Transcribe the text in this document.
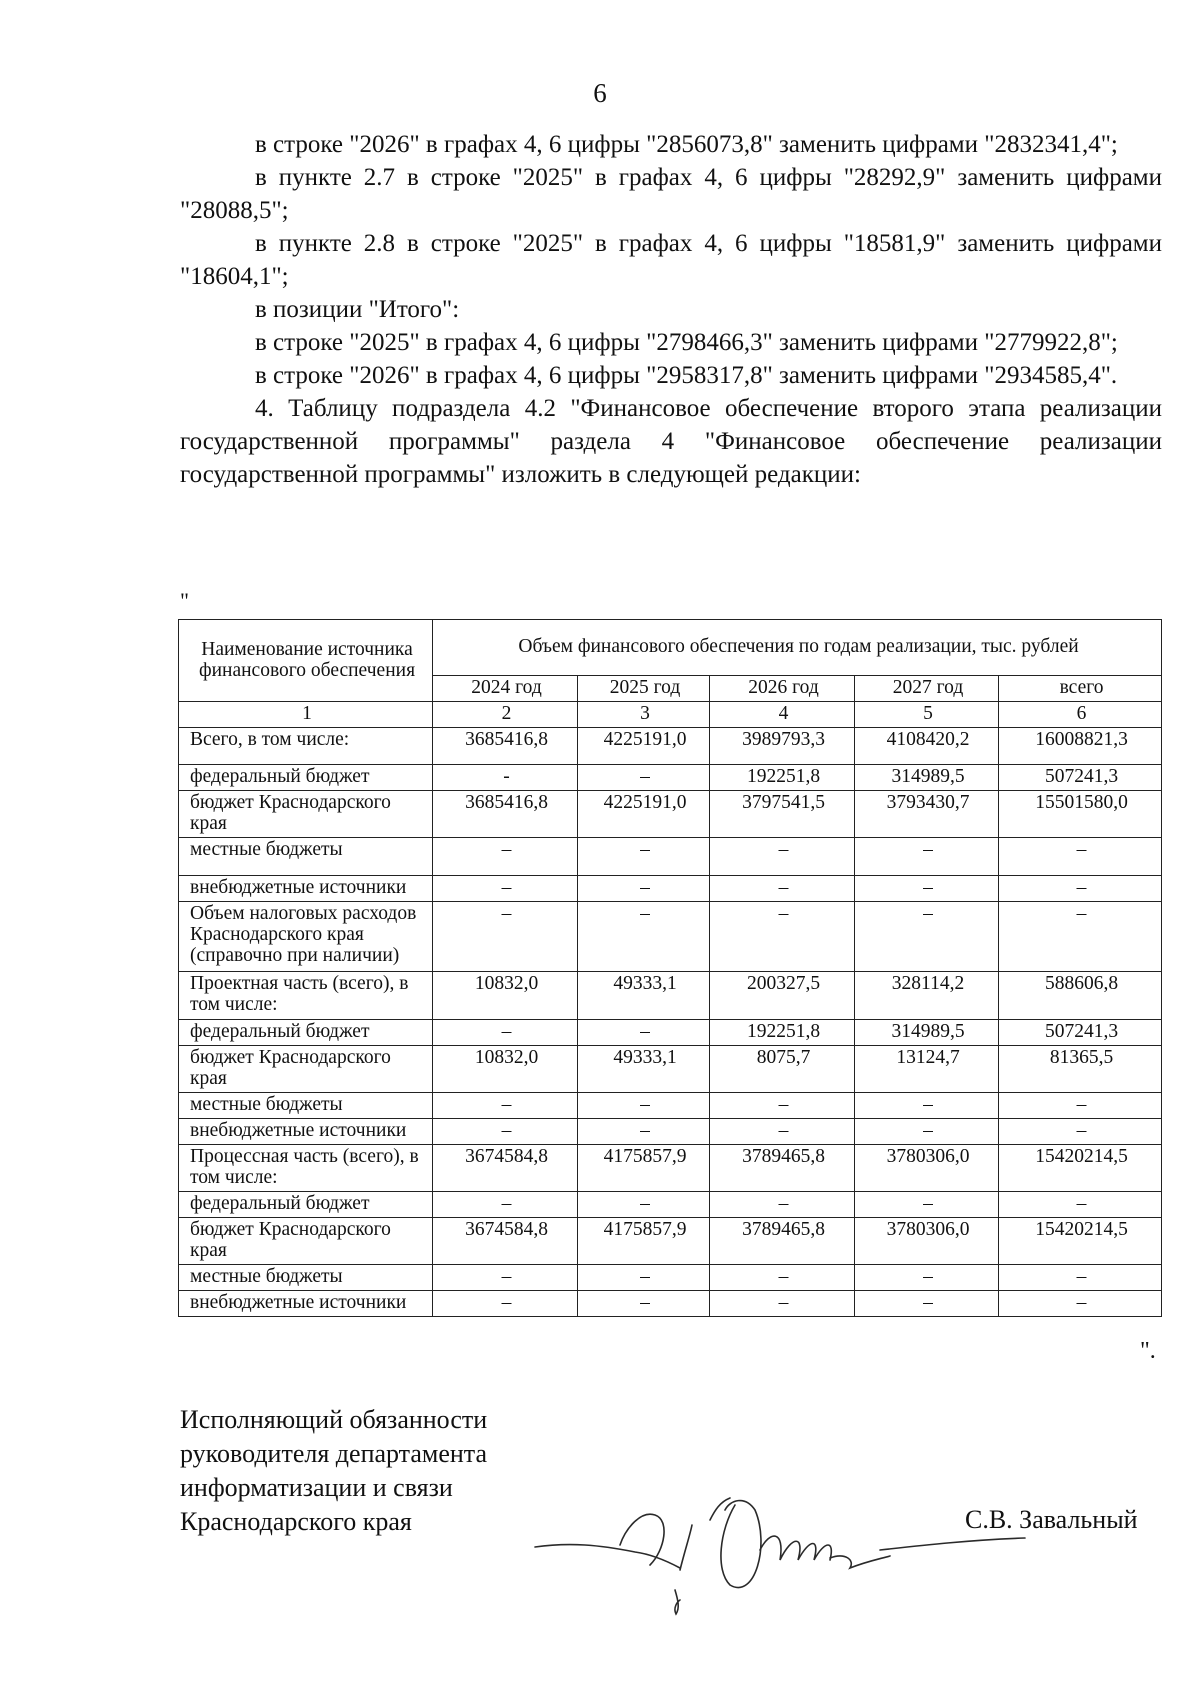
6

в строке "2026" в графах 4, 6 цифры "2856073,8" заменить цифрами "2832341,4";

в пункте 2.7 в строке "2025" в графах 4, 6 цифры "28292,9" заменить цифрами "28088,5";

в пункте 2.8 в строке "2025" в графах 4, 6 цифры "18581,9" заменить цифрами "18604,1";

в позиции "Итого":

в строке "2025" в графах 4, 6 цифры "2798466,3" заменить цифрами "2779922,8";

в строке "2026" в графах 4, 6 цифры "2958317,8" заменить цифрами "2934585,4".

4. Таблицу подраздела 4.2 "Финансовое обеспечение второго этапа реализации государственной программы" раздела 4 "Финансовое обеспечение реализации государственной программы" изложить в следующей редакции:

"
Наименование источника финансового обеспечения	Объем финансового обеспечения по годам реализации, тыс. рублей				
	2024 год	2025 год	2026 год	2027 год	всего
1	2	3	4	5	6
Всего, в том числе:	3685416,8	4225191,0	3989793,3	4108420,2	16008821,3
федеральный бюджет	-	–	192251,8	314989,5	507241,3
бюджет Краснодарского края	3685416,8	4225191,0	3797541,5	3793430,7	15501580,0
местные бюджеты	–	–	–	–	–
внебюджетные источники	–	–	–	–	–
Объем налоговых расходов Краснодарского края (справочно при наличии)	–	–	–	–	–
Проектная часть (всего), в том числе:	10832,0	49333,1	200327,5	328114,2	588606,8
федеральный бюджет	–	–	192251,8	314989,5	507241,3
бюджет Краснодарского края	10832,0	49333,1	8075,7	13124,7	81365,5
местные бюджеты	–	–	–	–	–
внебюджетные источники	–	–	–	–	–
Процессная часть (всего), в том числе:	3674584,8	4175857,9	3789465,8	3780306,0	15420214,5
федеральный бюджет	–	–	–	–	–
бюджет Краснодарского края	3674584,8	4175857,9	3789465,8	3780306,0	15420214,5
местные бюджеты	–	–	–	–	–
внебюджетные источники	–	–	–	–	–
".
Исполняющий обязанности
руководителя департамента
информатизации и связи
Краснодарского края	С.В. Завальный
